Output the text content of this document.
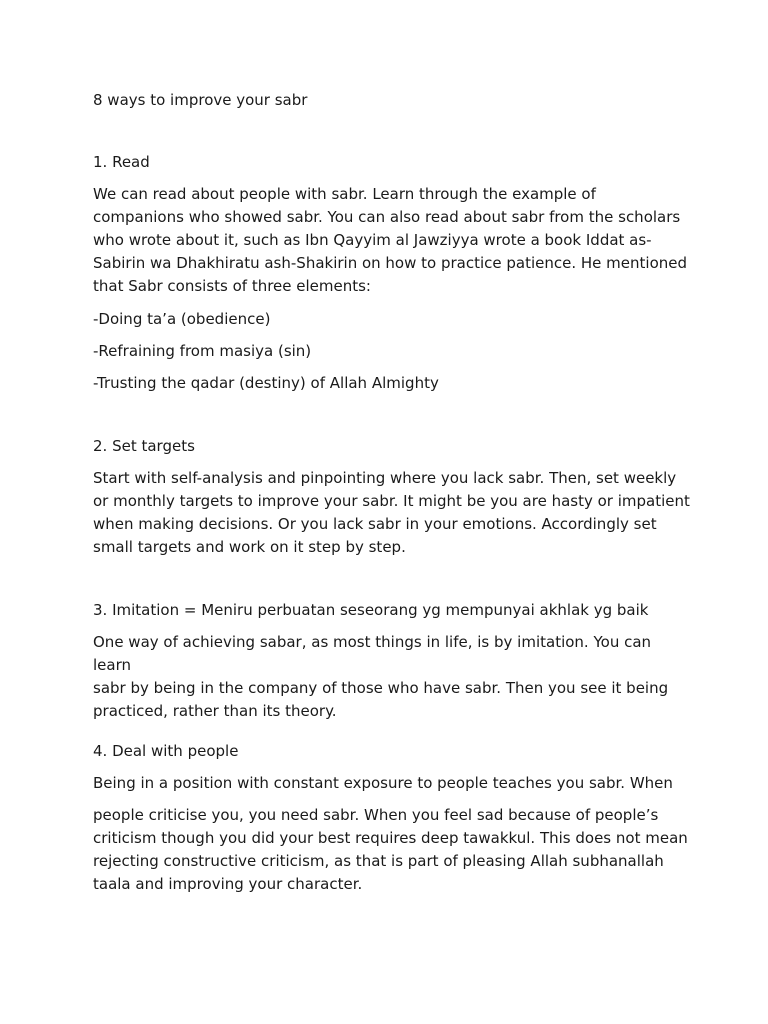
8 ways to improve your sabr
1. Read

We can read about people with sabr. Learn through the example of
companions who showed sabr. You can also read about sabr from the scholars
who wrote about it, such as Ibn Qayyim al Jawziyya wrote a book Iddat as-
Sabirin wa Dhakhiratu ash-Shakirin on how to practice patience. He mentioned
that Sabr consists of three elements:

-Doing ta’a (obedience)
-Refraining from masiya (sin)
-Trusting the qadar (destiny) of Allah Almighty
2. Set targets

Start with self-analysis and pinpointing where you lack sabr. Then, set weekly
or monthly targets to improve your sabr. It might be you are hasty or impatient
when making decisions. Or you lack sabr in your emotions. Accordingly set
small targets and work on it step by step.

3. Imitation = Meniru perbuatan seseorang yg mempunyai akhlak yg baik

One way of achieving sabar, as most things in life, is by imitation. You can learn
sabr by being in the company of those who have sabr. Then you see it being
practiced, rather than its theory.

4. Deal with people

Being in a position with constant exposure to people teaches you sabr. When

people criticise you, you need sabr. When you feel sad because of people’s
criticism though you did your best requires deep tawakkul. This does not mean
rejecting constructive criticism, as that is part of pleasing Allah subhanallah
taala and improving your character.
